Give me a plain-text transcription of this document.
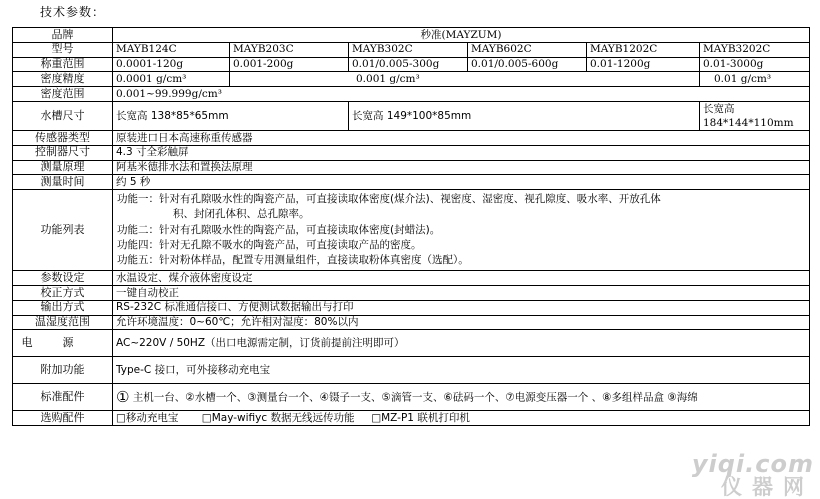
技术参数：
品牌	秒准(MAYZUM)					
型号	MAYB124C	MAYB203C	MAYB302C	MAYB602C	MAYB1202C	MAYB3202C
称重范围	0.0001-120g	0.001-200g	0.01/0.005-300g	0.01/0.005-600g	0.01-1200g	0.01-3000g
密度精度	0.0001 g/cm³	0.001 g/cm³				0.01 g/cm³
密度范围	0.001~99.999g/cm³					
水槽尺寸	长宽高 138*85*65mm		长宽高 149*100*85mm			长宽高
184*144*110mm

传感器类型	原装进口日本高速称重传感器					
控制器尺寸	4.3 寸全彩触屏					
测量原理	阿基米德排水法和置换法原理					
测量时间	约 5 秒					
功能列表	功能一：针对有孔隙吸水性的陶瓷产品，可直接读取体密度(煤介法)、视密度、湿密度、视孔隙度、吸水率、开放孔体
积、封闭孔体积、总孔隙率。
功能二：针对有孔隙吸水性的陶瓷产品，可直接读取体密度(封蜡法)。
功能四：针对无孔隙不吸水的陶瓷产品，可直接读取产品的密度。
功能五：针对粉体样品，配置专用测量组件，直接读取粉体真密度（选配）。					

参数设定	水温设定、煤介液体密度设定					
校正方式	一键自动校正					
输出方式	RS-232C 标准通信接口、方便测试数据输出与打印					
温湿度范围	允许环境温度：0~60℃；允许相对湿度：80%以内					
电源	AC~220V / 50HZ（出口电源需定制，订货前提前注明即可）					
附加功能	Type-C 接口，可外接移动充电宝					
标准配件	① 主机一台、②水槽一个、③测量台一个、④镊子一支、⑤滴管一支、⑥砝码一个、⑦电源变压器一个 、⑧多组样品盒 ⑨海绵					
选购配件	□移动充电宝 □May-wifiyc 数据无线远传功能 □MZ-P1 联机打印机					
yiqi.com
仪器网
